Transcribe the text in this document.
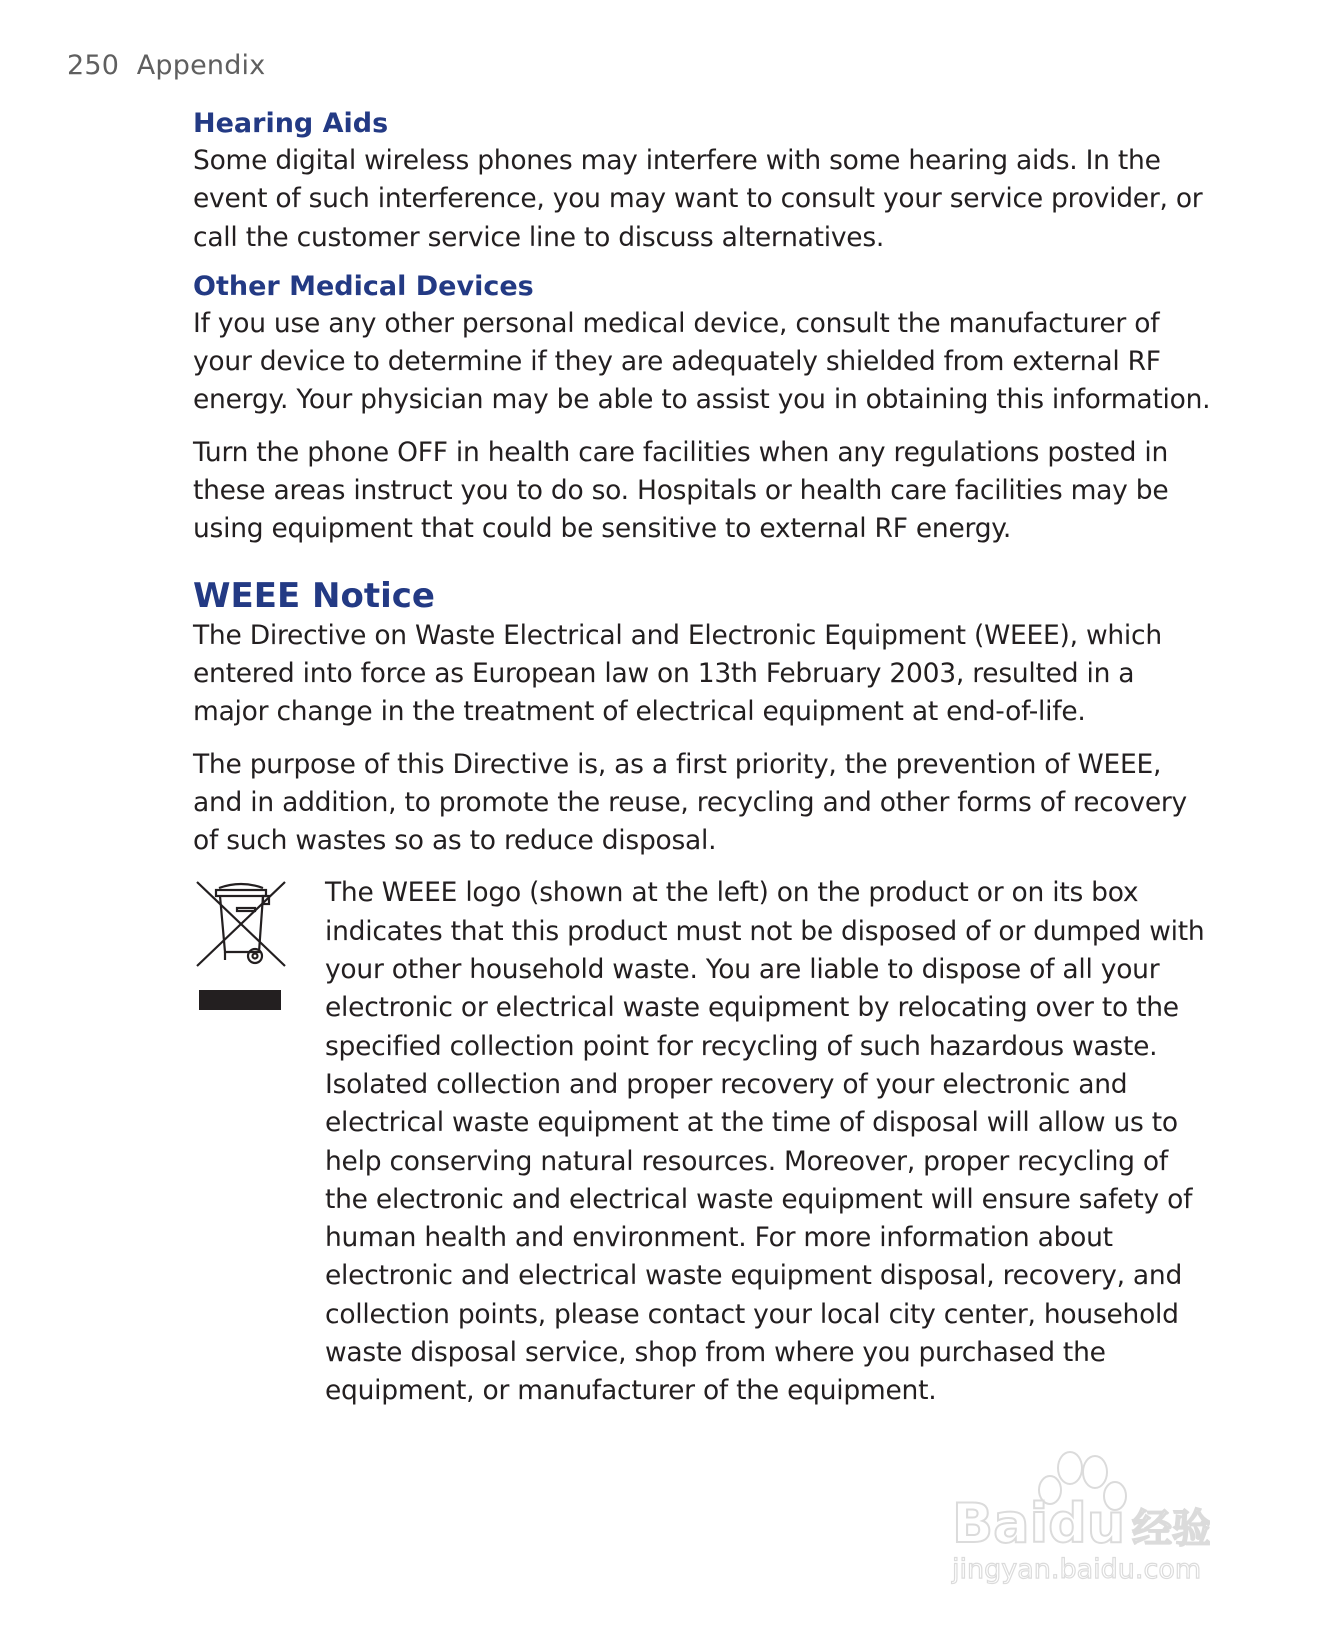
250 Appendix
Hearing Aids

Some digital wireless phones may interfere with some hearing aids. In the event of such interference, you may want to consult your service provider, or call the customer service line to discuss alternatives.

Other Medical Devices

If you use any other personal medical device, consult the manufacturer of your device to determine if they are adequately shielded from external RF energy. Your physician may be able to assist you in obtaining this information.

Turn the phone OFF in health care facilities when any regulations posted in these areas instruct you to do so. Hospitals or health care facilities may be using equipment that could be sensitive to external RF energy.

WEEE Notice

The Directive on Waste Electrical and Electronic Equipment (WEEE), which entered into force as European law on 13th February 2003, resulted in a major change in the treatment of electrical equipment at end-of-life.

The purpose of this Directive is, as a first priority, the prevention of WEEE, and in addition, to promote the reuse, recycling and other forms of recovery of such wastes so as to reduce disposal.

The WEEE logo (shown at the left) on the product or on its box indicates that this product must not be disposed of or dumped with your other household waste. You are liable to dispose of all your electronic or electrical waste equipment by relocating over to the specified collection point for recycling of such hazardous waste. Isolated collection and proper recovery of your electronic and electrical waste equipment at the time of disposal will allow us to help conserving natural resources. Moreover, proper recycling of the electronic and electrical waste equipment will ensure safety of human health and environment. For more information about electronic and electrical waste equipment disposal, recovery, and collection points, please contact your local city center, household waste disposal service, shop from where you purchased the equipment, or manufacturer of the equipment.

Baidu 经验
jingyan.baidu.com
